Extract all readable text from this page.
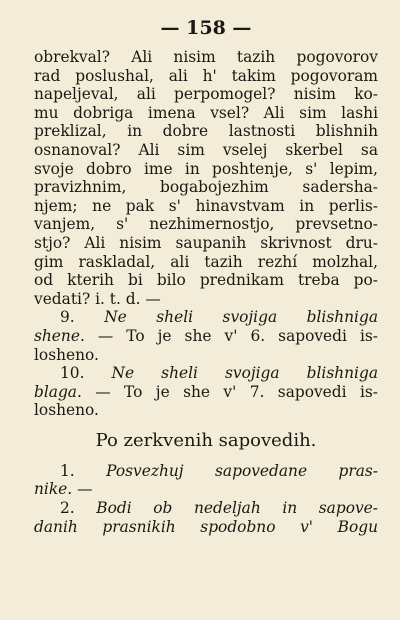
— 158 —
obrekval? Ali nisim tazih pogovorov
rad poslushal, ali h' takim pogovoram
napeljeval, ali perpomogel? nisim ko-
mu dobriga imena vsel? Ali sim lashi
preklizal, in dobre lastnosti blishnih
osnanoval? Ali sim vselej skerbel sa
svoje dobro ime in poshtenje, s' lepim,
pravizhnim, bogabojezhim sadersha-
njem; ne pak s' hinavstvam in perlis-
vanjem, s' nezhimernostjo, prevsetno-
stjo? Ali nisim saupanih skrivnost dru-
gim raskladal, ali tazih rezhí molzhal,
od kterih bi bilo prednikam treba po-
vedati? i. t. d. —
9. Ne sheli svojiga blishniga
shene. — To je she v' 6. sapovedi is-
losheno.
10. Ne sheli svojiga blishniga
blaga. — To je she v' 7. sapovedi is-
losheno.
Po zerkvenih sapovedih.
1. Posvezhuj sapovedane pras-
nike. —
2. Bodi ob nedeljah in sapove-
danih prasnikih spodobno v' Bogu
